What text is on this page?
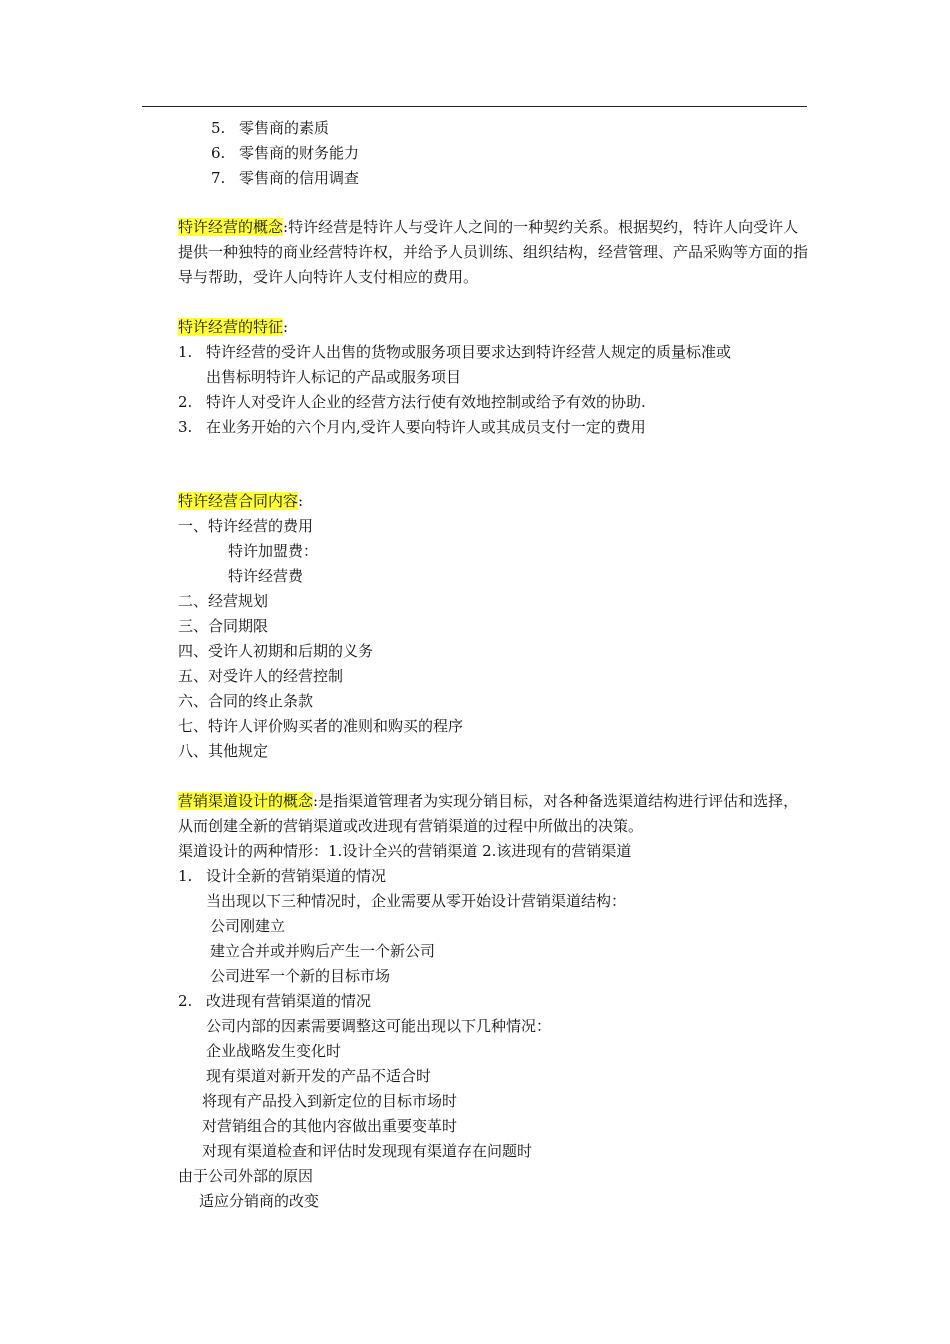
5. 零售商的素质
6. 零售商的财务能力
7. 零售商的信用调查
特许经营的概念:特许经营是特许人与受许人之间的一种契约关系。根据契约，特许人向受许人提供一种独特的商业经营特许权，并给予人员训练、组织结构，经营管理、产品采购等方面的指导与帮助，受许人向特许人支付相应的费用。
特许经营的特征:
1. 特许经营的受许人出售的货物或服务项目要求达到特许经营人规定的质量标准或
出售标明特许人标记的产品或服务项目
2. 特许人对受许人企业的经营方法行使有效地控制或给予有效的协助.
3. 在业务开始的六个月内,受许人要向特许人或其成员支付一定的费用
特许经营合同内容:
一、特许经营的费用
特许加盟费：
特许经营费
二、经营规划
三、合同期限
四、受许人初期和后期的义务
五、对受许人的经营控制
六、合同的终止条款
七、特许人评价购买者的准则和购买的程序
八、其他规定
营销渠道设计的概念:是指渠道管理者为实现分销目标，对各种备选渠道结构进行评估和选择，从而创建全新的营销渠道或改进现有营销渠道的过程中所做出的决策。
渠道设计的两种情形：1.设计全兴的营销渠道 2.该进现有的营销渠道
1. 设计全新的营销渠道的情况
当出现以下三种情况时，企业需要从零开始设计营销渠道结构：
公司刚建立
建立合并或并购后产生一个新公司
公司进军一个新的目标市场
2. 改进现有营销渠道的情况
公司内部的因素需要调整这可能出现以下几种情况：
企业战略发生变化时
现有渠道对新开发的产品不适合时
将现有产品投入到新定位的目标市场时
对营销组合的其他内容做出重要变革时
对现有渠道检查和评估时发现现有渠道存在问题时
由于公司外部的原因
适应分销商的改变
